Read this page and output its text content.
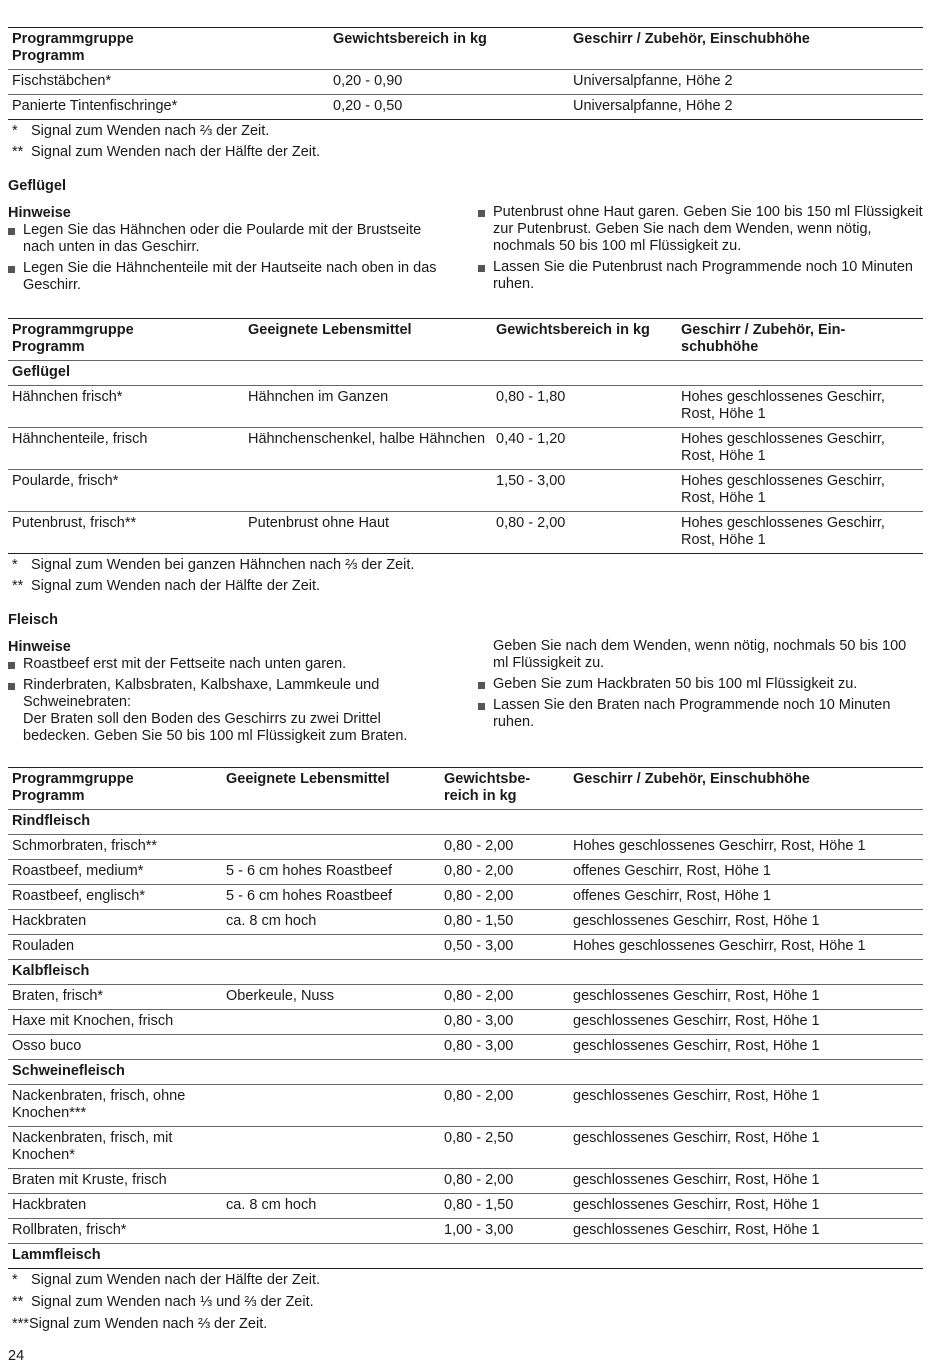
Programmgruppe
Programm	Gewichtsbereich in kg	Geschirr / Zubehör, Einschubhöhe
Fischstäbchen*	0,20 - 0,90	Universalpfanne, Höhe 2
Panierte Tintenfischringe*	0,20 - 0,50	Universalpfanne, Höhe 2
* Signal zum Wenden nach ⅔ der Zeit.
** Signal zum Wenden nach der Hälfte der Zeit.
Geflügel
Hinweise
Legen Sie das Hähnchen oder die Poularde mit der Brustseite nach unten in das Geschirr.
Legen Sie die Hähnchenteile mit der Hautseite nach oben in das Geschirr.
Putenbrust ohne Haut garen. Geben Sie 100 bis 150 ml Flüssigkeit zur Putenbrust. Geben Sie nach dem Wenden, wenn nötig, nochmals 50 bis 100 ml Flüssigkeit zu.
Lassen Sie die Putenbrust nach Programmende noch 10 Minuten ruhen.
Programmgruppe
Programm	Geeignete Lebensmittel	Gewichtsbereich in kg	Geschirr / Zubehör, Ein-
schubhöhe
Geflügel			
Hähnchen frisch*	Hähnchen im Ganzen	0,80 - 1,80	Hohes geschlossenes Geschirr, Rost, Höhe 1
Hähnchenteile, frisch	Hähnchenschenkel, halbe Hähnchen	0,40 - 1,20	Hohes geschlossenes Geschirr, Rost, Höhe 1
Poularde, frisch*		1,50 - 3,00	Hohes geschlossenes Geschirr, Rost, Höhe 1
Putenbrust, frisch**	Putenbrust ohne Haut	0,80 - 2,00	Hohes geschlossenes Geschirr, Rost, Höhe 1
* Signal zum Wenden bei ganzen Hähnchen nach ⅔ der Zeit.
** Signal zum Wenden nach der Hälfte der Zeit.
Fleisch
Hinweise
Roastbeef erst mit der Fettseite nach unten garen.
Rinderbraten, Kalbsbraten, Kalbshaxe, Lammkeule und Schweinebraten:
Der Braten soll den Boden des Geschirrs zu zwei Drittel bedecken. Geben Sie 50 bis 100 ml Flüssigkeit zum Braten.
Geben Sie nach dem Wenden, wenn nötig, nochmals 50 bis 100 ml Flüssigkeit zu.
Geben Sie zum Hackbraten 50 bis 100 ml Flüssigkeit zu.
Lassen Sie den Braten nach Programmende noch 10 Minuten ruhen.
Programmgruppe
Programm	Geeignete Lebensmittel	Gewichtsbe-
reich in kg	Geschirr / Zubehör, Einschubhöhe
Rindfleisch			
Schmorbraten, frisch**		0,80 - 2,00	Hohes geschlossenes Geschirr, Rost, Höhe 1
Roastbeef, medium*	5 - 6 cm hohes Roastbeef	0,80 - 2,00	offenes Geschirr, Rost, Höhe 1
Roastbeef, englisch*	5 - 6 cm hohes Roastbeef	0,80 - 2,00	offenes Geschirr, Rost, Höhe 1
Hackbraten	ca. 8 cm hoch	0,80 - 1,50	geschlossenes Geschirr, Rost, Höhe 1
Rouladen		0,50 - 3,00	Hohes geschlossenes Geschirr, Rost, Höhe 1
Kalbfleisch			
Braten, frisch*	Oberkeule, Nuss	0,80 - 2,00	geschlossenes Geschirr, Rost, Höhe 1
Haxe mit Knochen, frisch		0,80 - 3,00	geschlossenes Geschirr, Rost, Höhe 1
Osso buco		0,80 - 3,00	geschlossenes Geschirr, Rost, Höhe 1
Schweinefleisch			
Nackenbraten, frisch, ohne Knochen***		0,80 - 2,00	geschlossenes Geschirr, Rost, Höhe 1
Nackenbraten, frisch, mit Knochen*		0,80 - 2,50	geschlossenes Geschirr, Rost, Höhe 1
Braten mit Kruste, frisch		0,80 - 2,00	geschlossenes Geschirr, Rost, Höhe 1
Hackbraten	ca. 8 cm hoch	0,80 - 1,50	geschlossenes Geschirr, Rost, Höhe 1
Rollbraten, frisch*		1,00 - 3,00	geschlossenes Geschirr, Rost, Höhe 1
Lammfleisch			
* Signal zum Wenden nach der Hälfte der Zeit.
** Signal zum Wenden nach ⅓ und ⅔ der Zeit.
***Signal zum Wenden nach ⅔ der Zeit.
24
